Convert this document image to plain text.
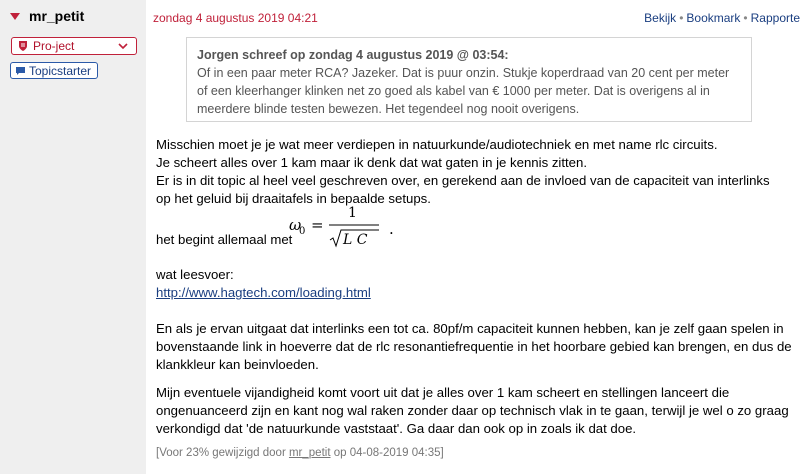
mr_petit
Pro-ject
Topicstarter
zondag 4 augustus 2019 04:21	Bekijk • Bookmark • Rapporte
Jorgen schreef op zondag 4 augustus 2019 @ 03:54:
Of in een paar meter RCA? Jazeker. Dat is puur onzin. Stukje koperdraad van 20 cent per meter of een kleerhanger klinken net zo goed als kabel van € 1000 per meter. Dat is overigens al in meerdere blinde testen bewezen. Het tegendeel nog nooit overigens.

Misschien moet je je wat meer verdiepen in natuurkunde/audiotechniek en met name rlc circuits.

Je scheert alles over 1 kam maar ik denk dat wat gaten in je kennis zitten.

Er is in dit topic al heel veel geschreven over, en gerekend aan de invloed van de capaciteit van interlinks op het geluid bij draaitafels in bepaalde setups.

het begint allemaal met
ω
0 =
1
L C
.
wat leesvoer:
http://www.hagtech.com/loading.html
En als je ervan uitgaat dat interlinks een tot ca. 80pf/m capaciteit kunnen hebben, kan je zelf gaan spelen in bovenstaande link in hoeverre dat de rlc resonantiefrequentie in het hoorbare gebied kan brengen, en dus de klankkleur kan beinvloeden.
Mijn eventuele vijandigheid komt voort uit dat je alles over 1 kam scheert en stellingen lanceert die ongenuanceerd zijn en kant nog wal raken zonder daar op technisch vlak in te gaan, terwijl je wel o zo graag verkondigd dat 'de natuurkunde vaststaat'. Ga daar dan ook op in zoals ik dat doe.
[Voor 23% gewijzigd door mr_petit op 04-08-2019 04:35]
